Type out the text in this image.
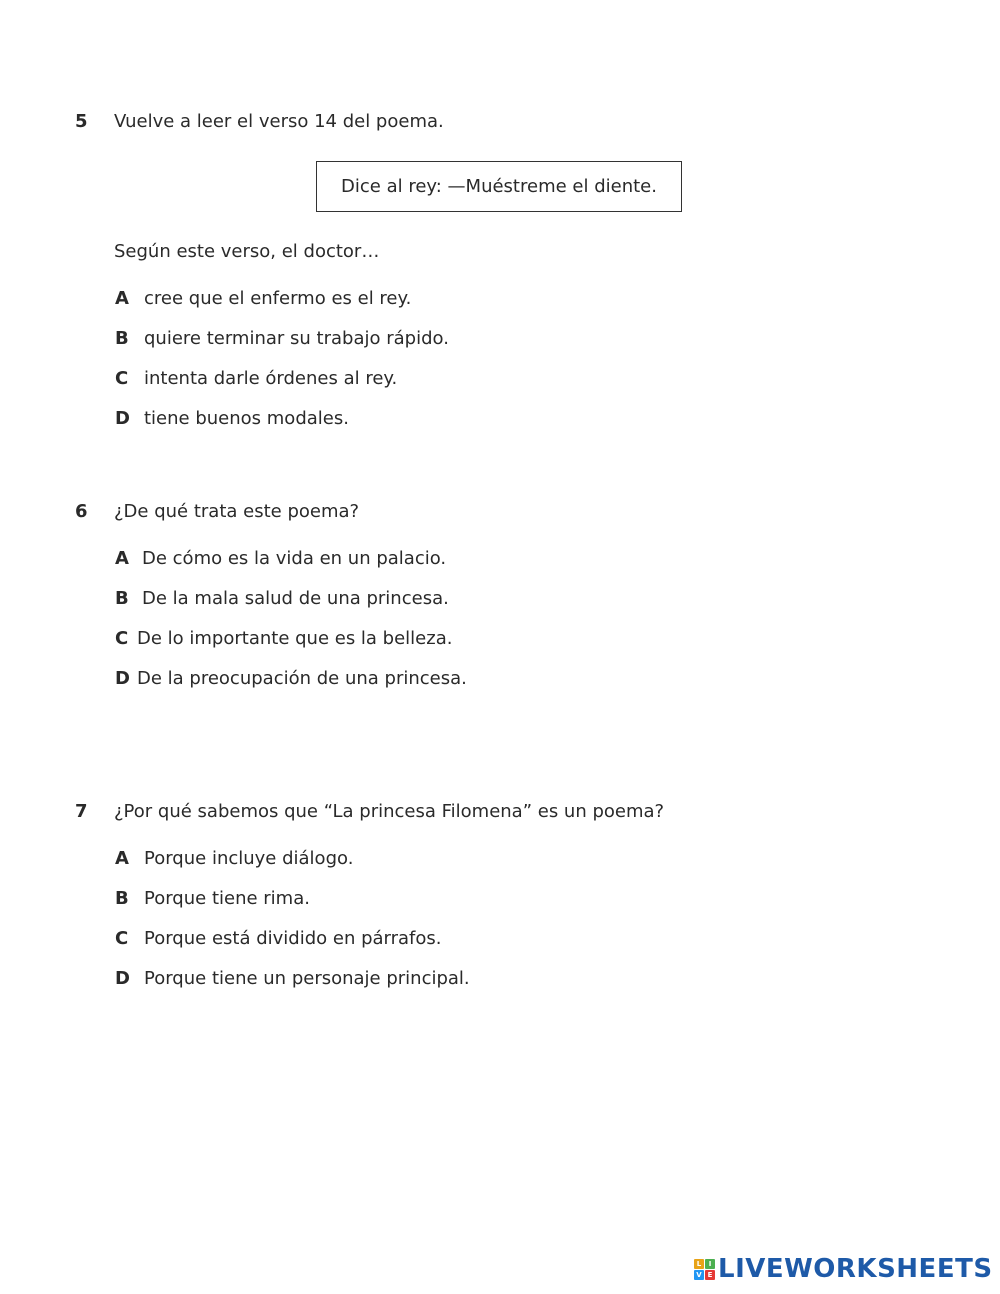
5 Vuelve a leer el verso 14 del poema.
Dice al rey: —Muéstreme el diente.
Según este verso, el doctor…
A cree que el enfermo es el rey.
B quiere terminar su trabajo rápido.
C intenta darle órdenes al rey.
D tiene buenos modales.
6 ¿De qué trata este poema?
A De cómo es la vida en un palacio.
B De la mala salud de una princesa.
C De lo importante que es la belleza.
D De la preocupación de una princesa.
7 ¿Por qué sabemos que “La princesa Filomena” es un poema?
A Porque incluye diálogo.
B Porque tiene rima.
C Porque está dividido en párrafos.
D Porque tiene un personaje principal.
L	I
V E LIVEWORKSHEETS
